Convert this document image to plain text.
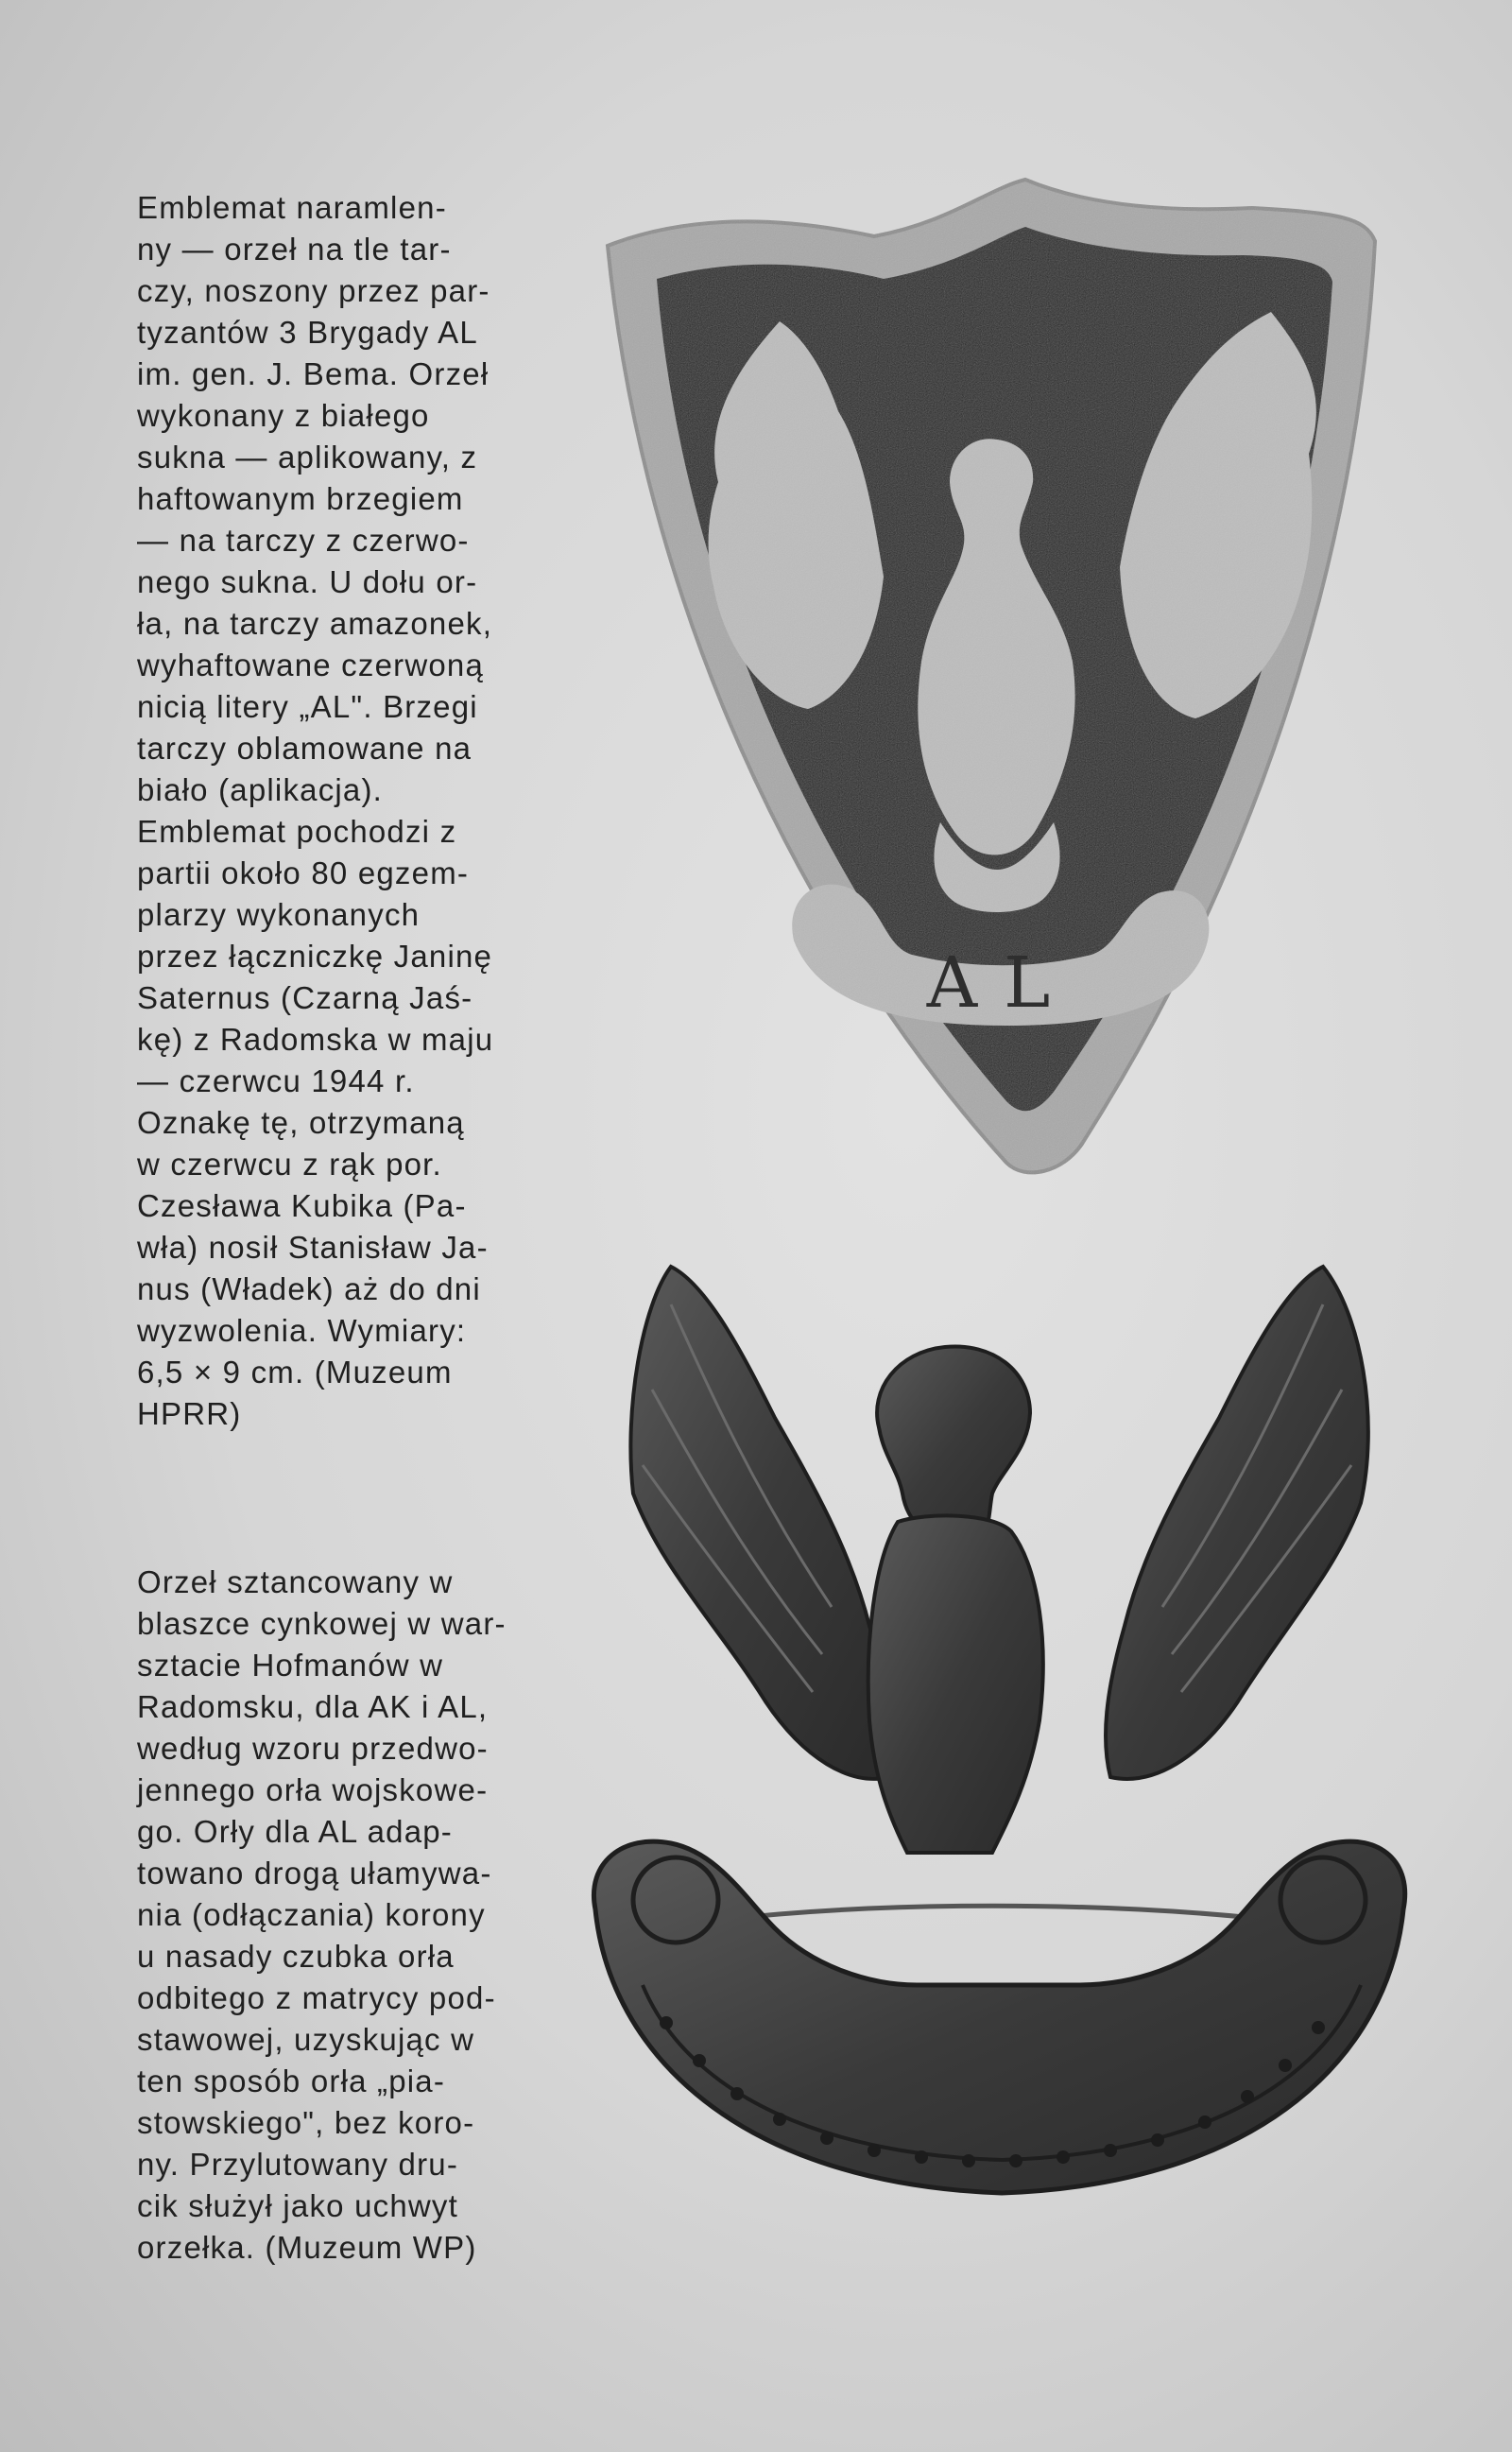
Emblemat naramlen-
ny — orzeł na tle tar-
czy, noszony przez par-
tyzantów 3 Brygady AL
im. gen. J. Bema. Orzeł
wykonany z białego
sukna — aplikowany, z
haftowanym brzegiem
— na tarczy z czerwo-
nego sukna. U dołu or-
ła, na tarczy amazonek,
wyhaftowane czerwoną
nicią litery „AL". Brzegi
tarczy oblamowane na
biało (aplikacja).
Emblemat pochodzi z
partii około 80 egzem-
plarzy wykonanych
przez łączniczkę Janinę
Saternus (Czarną Jaś-
kę) z Radomska w maju
— czerwcu 1944 r.
Oznakę tę, otrzymaną
w czerwcu z rąk por.
Czesława Kubika (Pa-
wła) nosił Stanisław Ja-
nus (Władek) aż do dni
wyzwolenia. Wymiary:
6,5 × 9 cm. (Muzeum
HPRR)

AL

Orzeł sztancowany w
blaszce cynkowej w war-
sztacie Hofmanów w
Radomsku, dla AK i AL,
według wzoru przedwo-
jennego orła wojskowe-
go. Orły dla AL adap-
towano drogą ułamywa-
nia (odłączania) korony
u nasady czubka orła
odbitego z matrycy pod-
stawowej, uzyskując w
ten sposób orła „pia-
stowskiego", bez koro-
ny. Przylutowany dru-
cik służył jako uchwyt
orzełka. (Muzeum WP)
